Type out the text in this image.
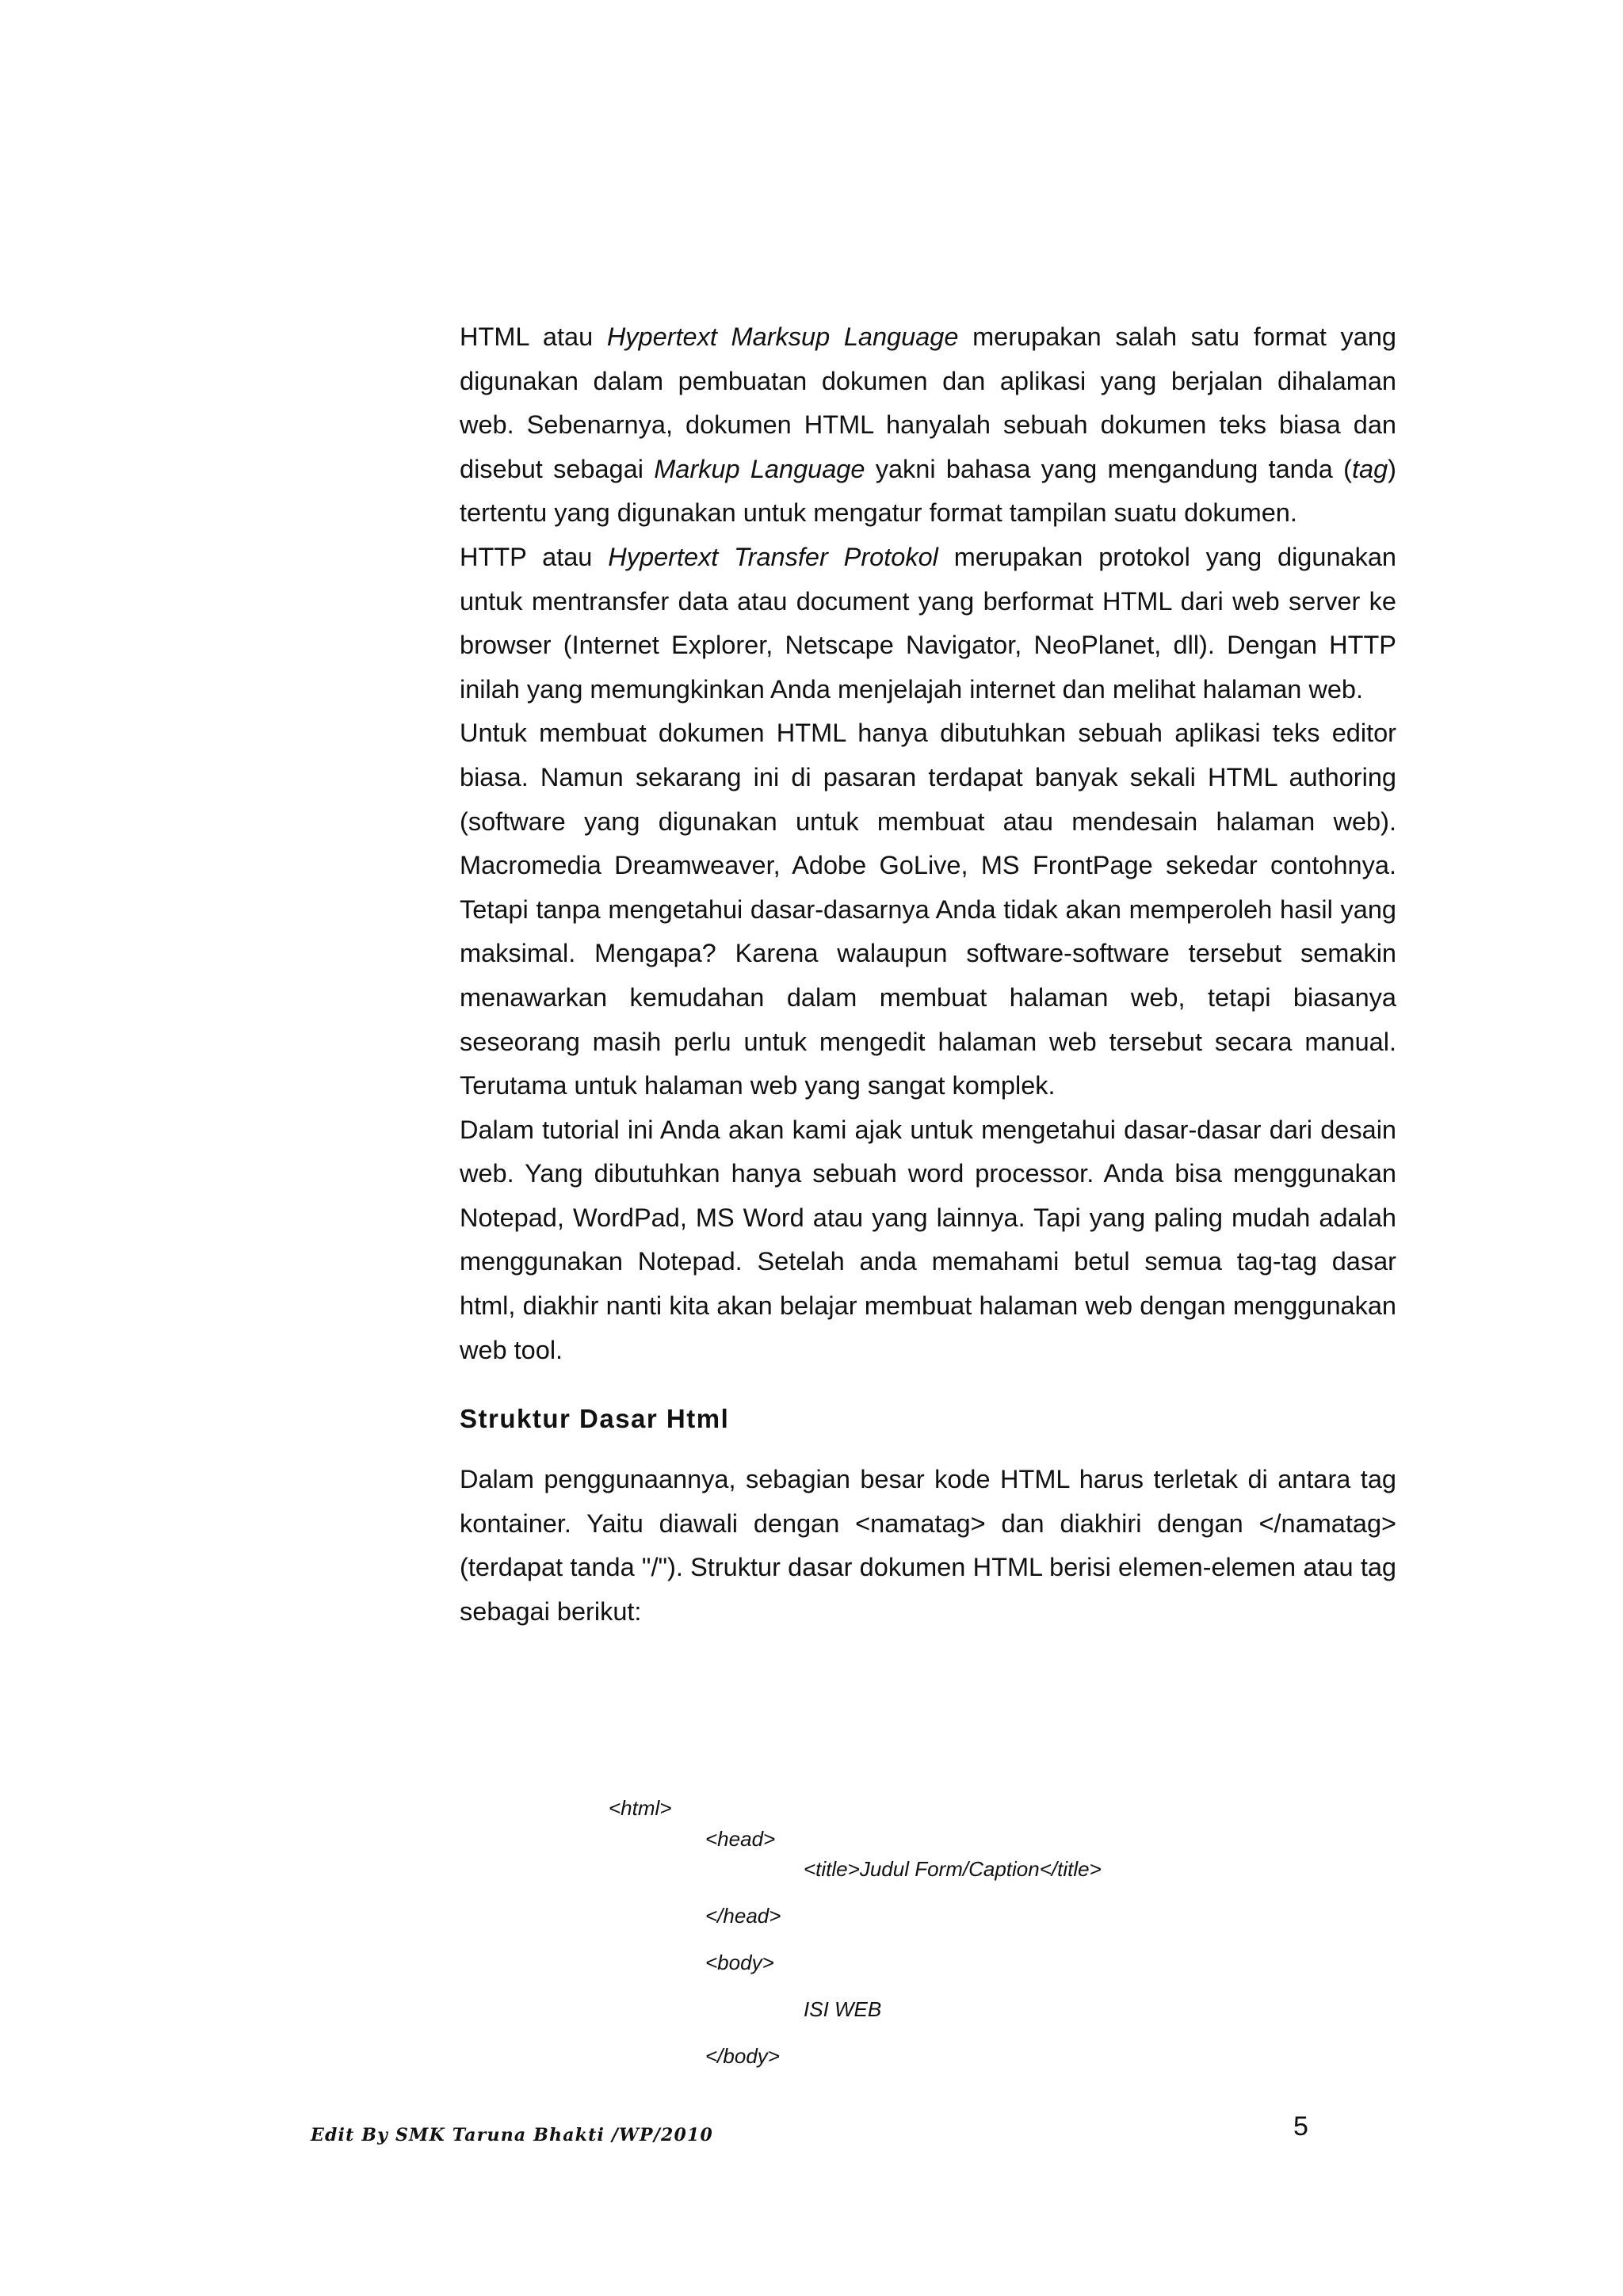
HTML atau Hypertext Marksup Language merupakan salah satu format yang digunakan dalam pembuatan dokumen dan aplikasi yang berjalan dihalaman web. Sebenarnya, dokumen HTML hanyalah sebuah dokumen teks biasa dan disebut sebagai Markup Language yakni bahasa yang mengandung tanda (tag) tertentu yang digunakan untuk mengatur format tampilan suatu dokumen.

HTTP atau Hypertext Transfer Protokol merupakan protokol yang digunakan untuk mentransfer data atau document yang berformat HTML dari web server ke browser (Internet Explorer, Netscape Navigator, NeoPlanet, dll). Dengan HTTP inilah yang memungkinkan Anda menjelajah internet dan melihat halaman web.

Untuk membuat dokumen HTML hanya dibutuhkan sebuah aplikasi teks editor biasa. Namun sekarang ini di pasaran terdapat banyak sekali HTML authoring (software yang digunakan untuk membuat atau mendesain halaman web). Macromedia Dreamweaver, Adobe GoLive, MS FrontPage sekedar contohnya. Tetapi tanpa mengetahui dasar-dasarnya Anda tidak akan memperoleh hasil yang maksimal. Mengapa? Karena walaupun software-software tersebut semakin menawarkan kemudahan dalam membuat halaman web, tetapi biasanya seseorang masih perlu untuk mengedit halaman web tersebut secara manual. Terutama untuk halaman web yang sangat komplek.

Dalam tutorial ini Anda akan kami ajak untuk mengetahui dasar-dasar dari desain web. Yang dibutuhkan hanya sebuah word processor. Anda bisa menggunakan Notepad, WordPad, MS Word atau yang lainnya. Tapi yang paling mudah adalah menggunakan Notepad. Setelah anda memahami betul semua tag-tag dasar html, diakhir nanti kita akan belajar membuat halaman web dengan menggunakan web tool.

Struktur Dasar Html

Dalam penggunaannya, sebagian besar kode HTML harus terletak di antara tag kontainer. Yaitu diawali dengan <namatag> dan diakhiri dengan </namatag> (terdapat tanda "/"). Struktur dasar dokumen HTML berisi elemen-elemen atau tag sebagai berikut:

<html>
<head>
<title>Judul Form/Caption</title>
</head>
<body>
ISI WEB
</body>
Edit By SMK Taruna Bhakti /WP/2010	5
